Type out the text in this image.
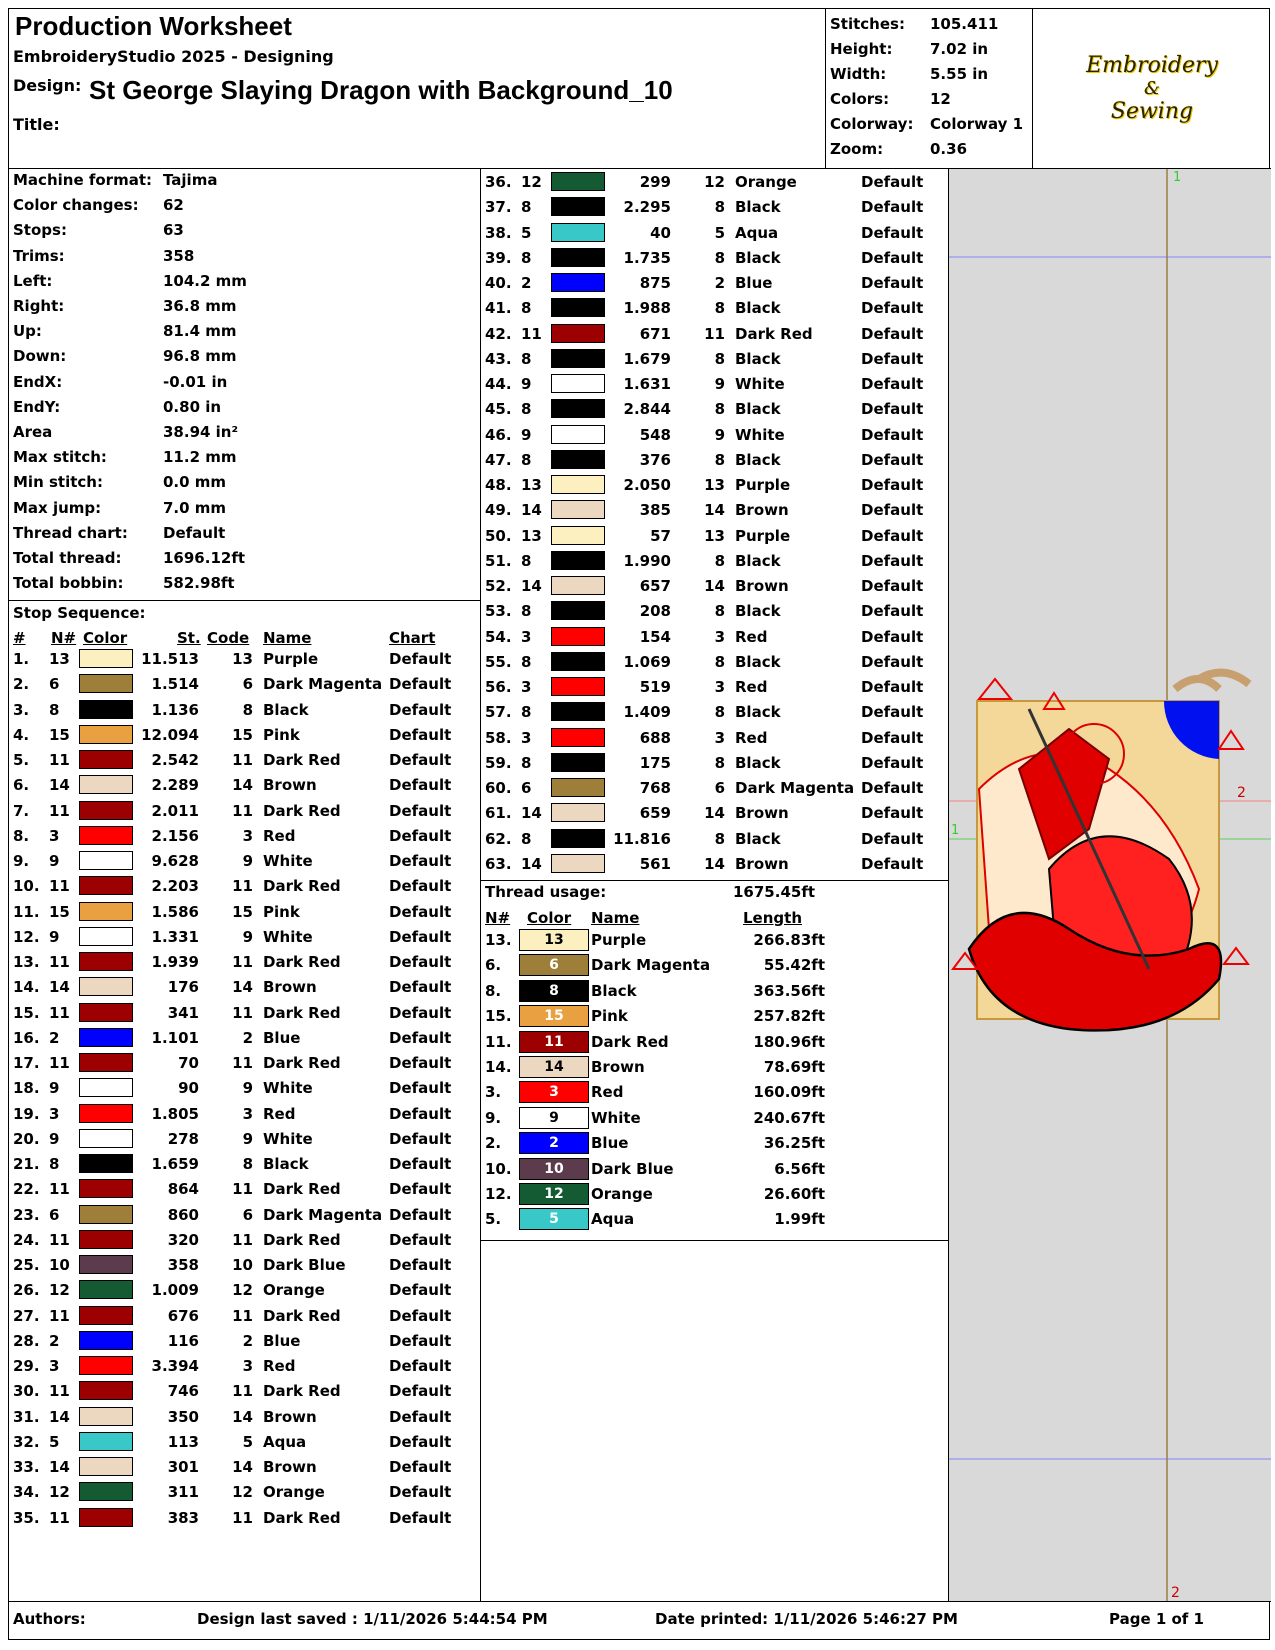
Production Worksheet
EmbroideryStudio 2025 - Designing
Design: St George Slaying Dragon with Background_10
Title:
Stitches:	105.411
Height:	7.02 in
Width:	5.55 in
Colors:	12
Colorway:	Colorway 1
Zoom:	0.36
Embroidery
&
Sewing
Machine format: Tajima
Color changes:	62
Stops:	63
Trims:	358
Left:	104.2 mm
Right:	36.8 mm
Up:	81.4 mm
Down:	96.8 mm
EndX:	-0.01 in
EndY:	0.80 in
Area	38.94 in²
Max stitch:	11.2 mm
Min stitch:	0.0 mm
Max jump:	7.0 mm
Thread chart:	Default
Total thread:	1696.12ft
Total bobbin:	582.98ft
Stop Sequence:
# N# Color	St. Code Name	Chart
1. 13	11.513 13 Purple	Default
2. 6	1.514	6 Dark Magenta Default
3. 8	1.136	8 Black	Default
4. 15	12.094 15 Pink	Default
5. 11	2.542 11 Dark Red	Default
6. 14	2.289 14 Brown	Default
7. 11	2.011 11 Dark Red	Default
8. 3	2.156	3 Red	Default
9. 9	9.628	9 White	Default
10. 11	2.203 11 Dark Red	Default
11. 15	1.586 15 Pink	Default
12. 9	1.331	9 White	Default
13. 11	1.939 11 Dark Red	Default
14. 14	176 14 Brown	Default
15. 11	341 11 Dark Red	Default
16. 2	1.101	2 Blue	Default
17. 11	70 11 Dark Red	Default
18. 9	90	9 White	Default
19. 3	1.805	3 Red	Default
20. 9	278	9 White	Default
21. 8	1.659	8 Black	Default
22. 11	864 11 Dark Red	Default
23. 6	860	6 Dark Magenta Default
24. 11	320 11 Dark Red	Default
25. 10	358 10 Dark Blue	Default
26. 12	1.009 12 Orange	Default
27. 11	676 11 Dark Red	Default
28. 2	116	2 Blue	Default
29. 3	3.394	3 Red	Default
30. 11	746 11 Dark Red	Default
31. 14	350 14 Brown	Default
32. 5	113	5 Aqua	Default
33. 14	301 14 Brown	Default
34. 12	311 12 Orange	Default
35. 11	383 11 Dark Red	Default
36. 12	299 12 Orange	Default
37. 8	2.295	8 Black	Default
38. 5	40	5 Aqua	Default
39. 8	1.735	8 Black	Default
40. 2	875	2 Blue	Default
41. 8	1.988	8 Black	Default
42. 11	671 11 Dark Red	Default
43. 8	1.679	8 Black	Default
44. 9	1.631	9 White	Default
45. 8	2.844	8 Black	Default
46. 9	548	9 White	Default
47. 8	376	8 Black	Default
48. 13	2.050 13 Purple	Default
49. 14	385 14 Brown	Default
50. 13	57 13 Purple	Default
51. 8	1.990	8 Black	Default
52. 14	657 14 Brown	Default
53. 8	208	8 Black	Default
54. 3	154	3 Red	Default
55. 8	1.069	8 Black	Default
56. 3	519	3 Red	Default
57. 8	1.409	8 Black	Default
58. 3	688	3 Red	Default
59. 8	175	8 Black	Default
60. 6	768	6 Dark Magenta Default
61. 14	659 14 Brown	Default
62. 8	11.816	8 Black	Default
63. 14	561 14 Brown	Default
Thread usage:	1675.45ft
N# Color Name	Length
13.	13	Purple	266.83ft
6.	6	Dark Magenta	55.42ft
8.	8	Black	363.56ft
15.	15	Pink	257.82ft
11.	11	Dark Red	180.96ft
14.	14	Brown	78.69ft
3.	3	Red	160.09ft
9.	9	White	240.67ft
2.	2	Blue	36.25ft
10.	10	Dark Blue	6.56ft
12.	12	Orange	26.60ft
5.	5	Aqua	1.99ft
1
2
1
2
Authors:	Design last saved : 1/11/2026 5:44:54 PM	Date printed: 1/11/2026 5:46:27 PM	Page 1 of 1
